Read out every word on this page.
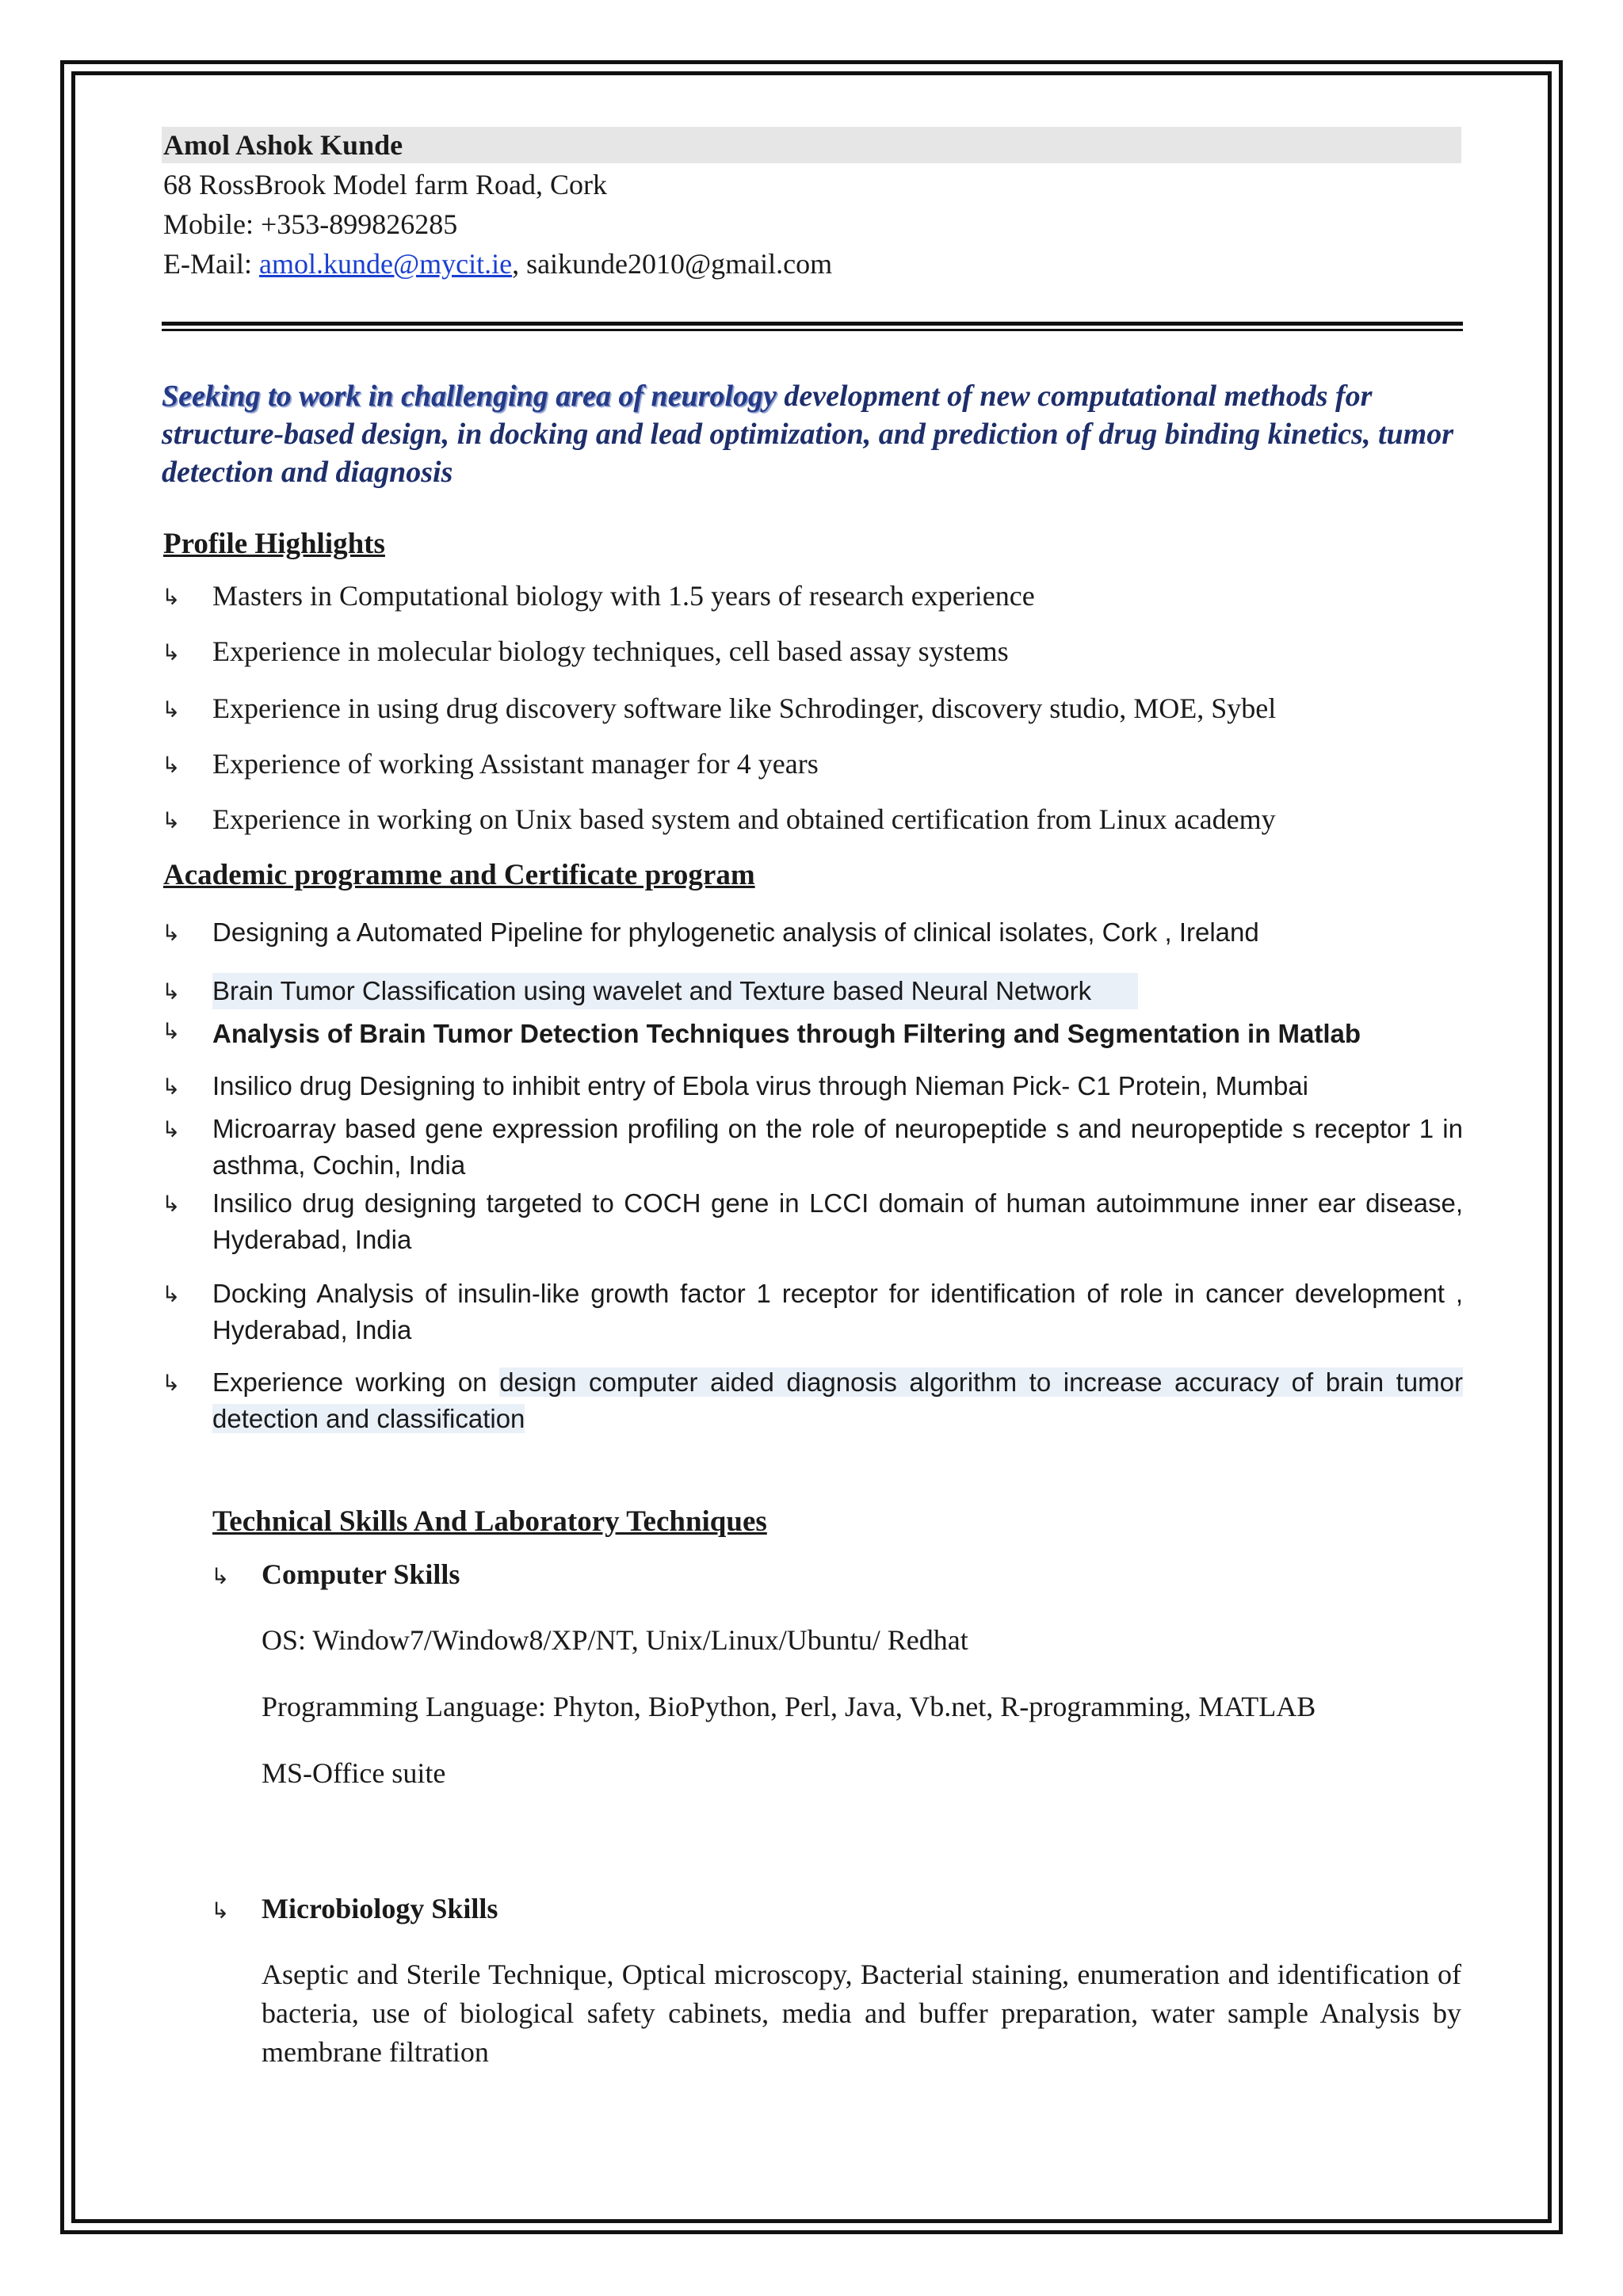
Amol Ashok Kunde
68 RossBrook Model farm Road, Cork
Mobile: +353-899826285
E-Mail: amol.kunde@mycit.ie, saikunde2010@gmail.com
Seeking to work in challenging area of neurology development of new computational methods for structure-based design, in docking and lead optimization, and prediction of drug binding kinetics, tumor detection and diagnosis
Profile Highlights
↳ Masters in Computational biology with 1.5 years of research experience
↳ Experience in molecular biology techniques, cell based assay systems
↳ Experience in using drug discovery software like Schrodinger, discovery studio, MOE, Sybel
↳ Experience of working Assistant manager for 4 years
↳ Experience in working on Unix based system and obtained certification from Linux academy
Academic programme and Certificate program
↳ Designing a Automated Pipeline for phylogenetic analysis of clinical isolates, Cork , Ireland
↳ Brain Tumor Classification using wavelet and Texture based Neural Network
↳ Analysis of Brain Tumor Detection Techniques through Filtering and Segmentation in Matlab
↳ Insilico drug Designing to inhibit entry of Ebola virus through Nieman Pick- C1 Protein, Mumbai
↳ Microarray based gene expression profiling on the role of neuropeptide s and neuropeptide s receptor 1 in asthma, Cochin, India
↳ Insilico drug designing targeted to COCH gene in LCCI domain of human autoimmune inner ear disease, Hyderabad, India
↳ Docking Analysis of insulin-like growth factor 1 receptor for identification of role in cancer development , Hyderabad, India
↳ Experience working on design computer aided diagnosis algorithm to increase accuracy of brain tumor detection and classification
Technical Skills And Laboratory Techniques
↳ Computer Skills
OS: Window7/Window8/XP/NT, Unix/Linux/Ubuntu/ Redhat
Programming Language: Phyton, BioPython, Perl, Java, Vb.net, R-programming, MATLAB
MS-Office suite
↳ Microbiology Skills
Aseptic and Sterile Technique, Optical microscopy, Bacterial staining, enumeration and identification of bacteria, use of biological safety cabinets, media and buffer preparation, water sample Analysis by membrane filtration
